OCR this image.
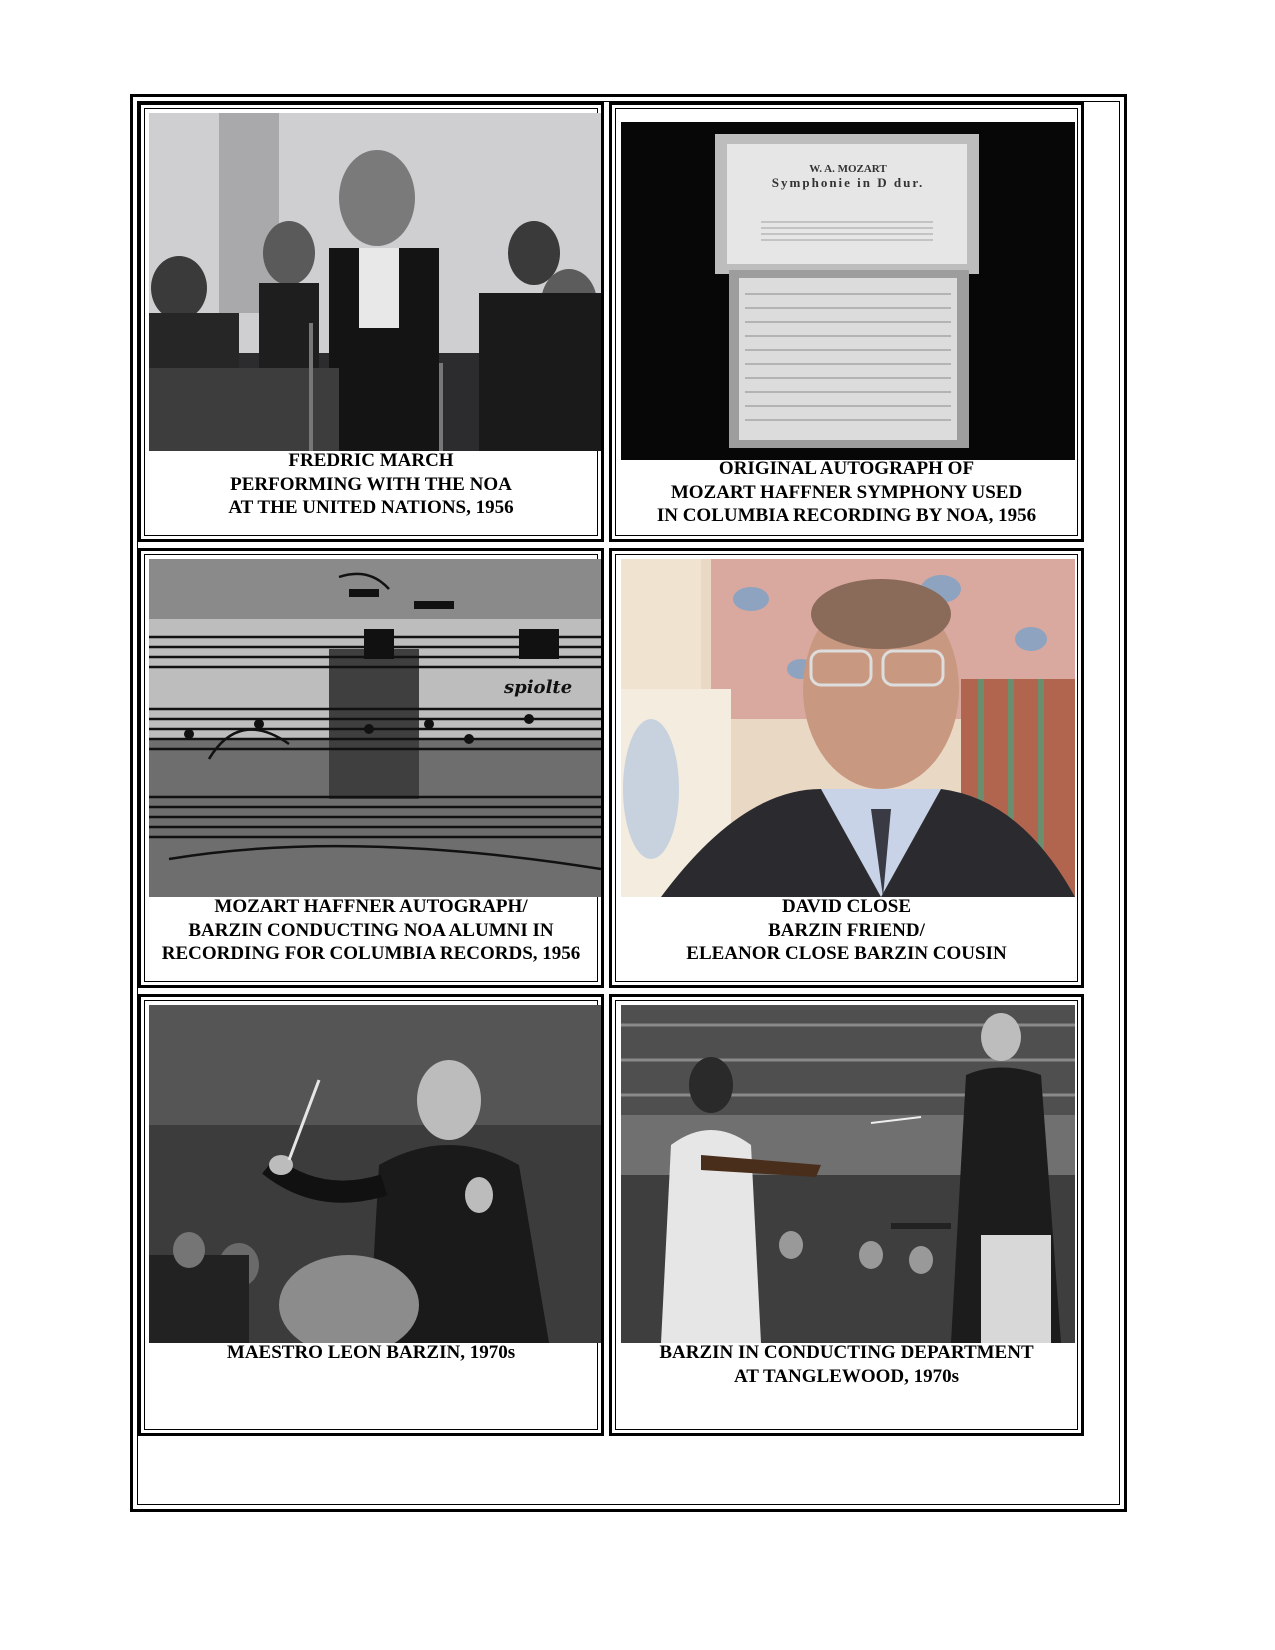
FREDRIC MARCH
PERFORMING WITH THE NOA
AT THE UNITED NATIONS, 1956
W. A. MOZART
Symphonie in D dur.
ORIGINAL AUTOGRAPH OF
MOZART HAFFNER SYMPHONY USED
IN COLUMBIA RECORDING BY NOA, 1956
spiolte
MOZART HAFFNER AUTOGRAPH/
BARZIN CONDUCTING NOA ALUMNI IN
RECORDING FOR COLUMBIA RECORDS, 1956
DAVID CLOSE
BARZIN FRIEND/
ELEANOR CLOSE BARZIN COUSIN
MAESTRO LEON BARZIN, 1970s	BARZIN IN CONDUCTING DEPARTMENT
AT TANGLEWOOD, 1970s
